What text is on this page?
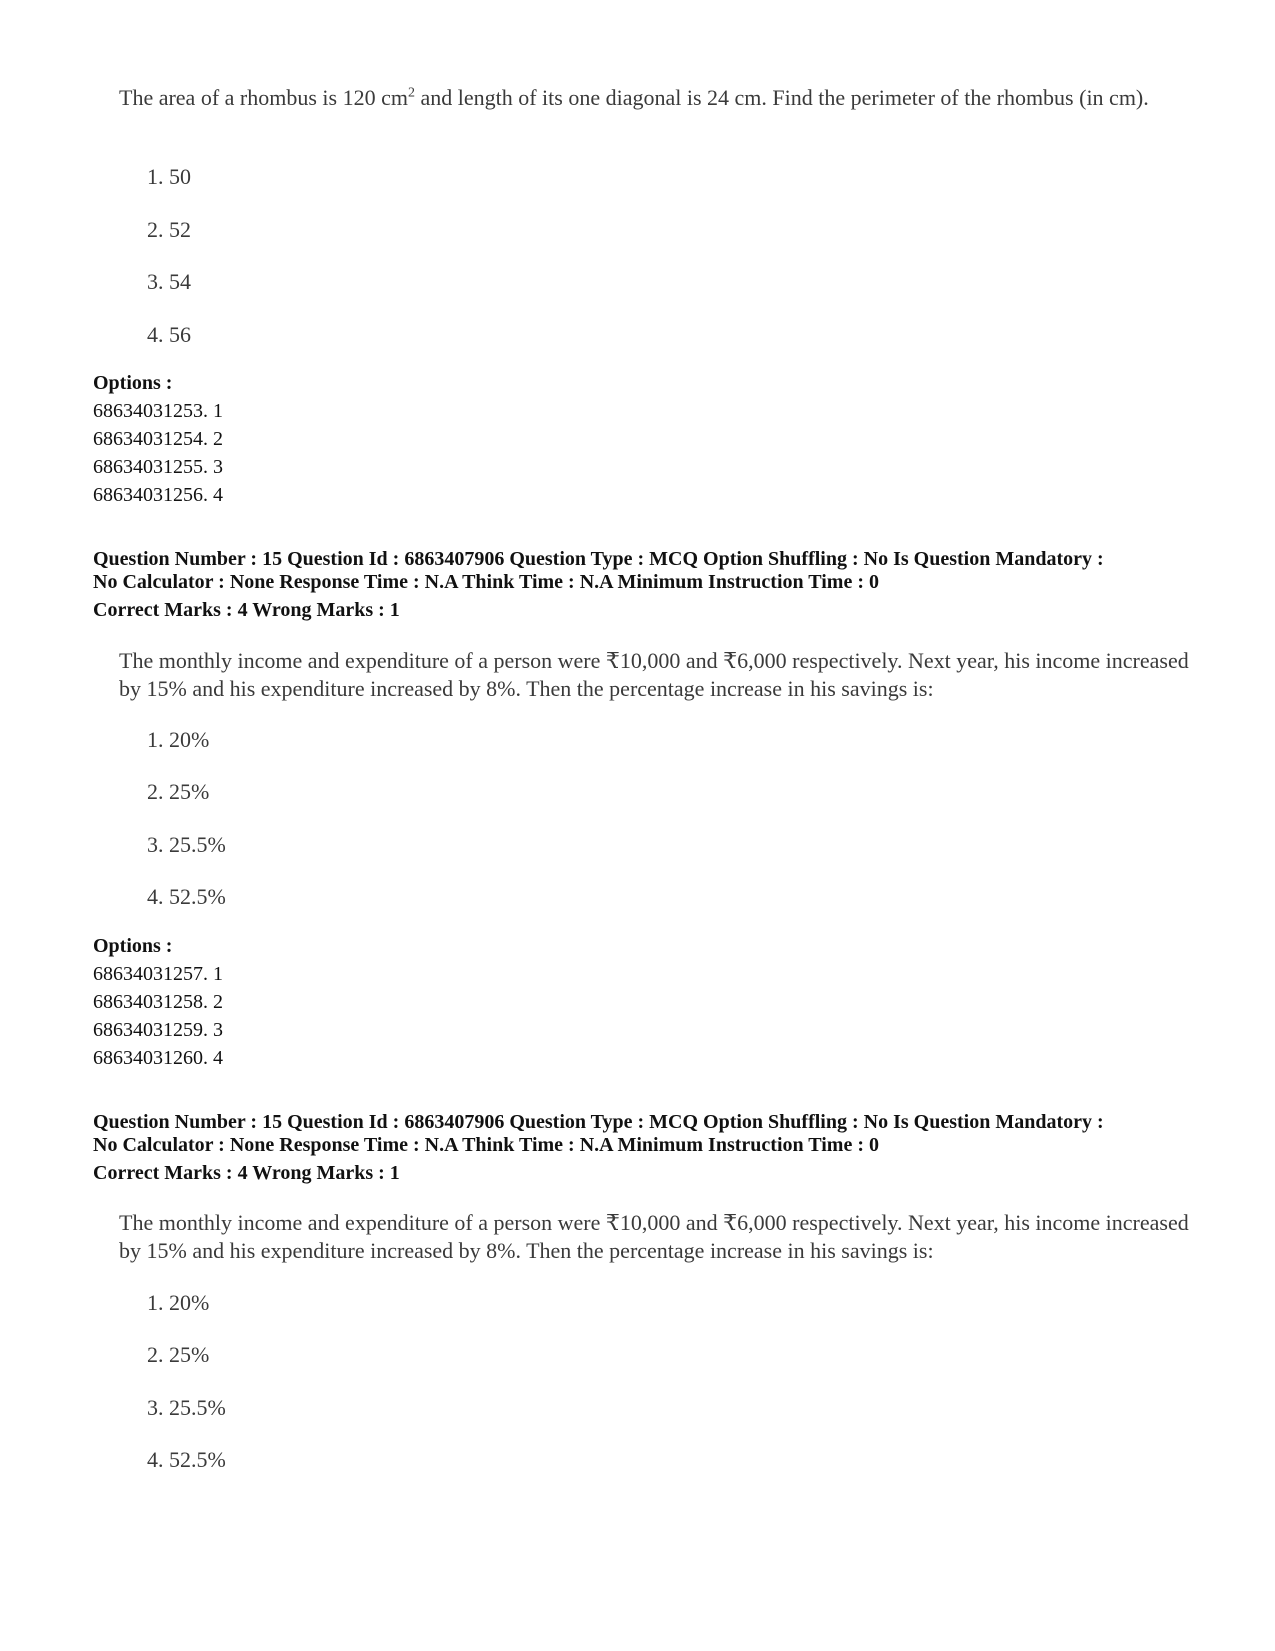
The area of a rhombus is 120 $cm^2$ and length of its one diagonal is 24 cm. Find the perimeter of the rhombus (in cm).
1. 50
2. 52
3. 54
4. 56
Options :
68634031253. 1
68634031254. 2
68634031255. 3
68634031256. 4
Question Number : 15 Question Id : 6863407906 Question Type : MCQ Option Shuffling : No Is Question Mandatory :
No Calculator : None Response Time : N.A Think Time : N.A Minimum Instruction Time : 0
Correct Marks : 4 Wrong Marks : 1
The monthly income and expenditure of a person were ₹10,000 and ₹6,000 respectively. Next year, his income increased by 15% and his expenditure increased by 8%. Then the percentage increase in his savings is:
1. 20%
2. 25%
3. 25.5%
4. 52.5%
Options :
68634031257. 1
68634031258. 2
68634031259. 3
68634031260. 4
Question Number : 15 Question Id : 6863407906 Question Type : MCQ Option Shuffling : No Is Question Mandatory :
No Calculator : None Response Time : N.A Think Time : N.A Minimum Instruction Time : 0
Correct Marks : 4 Wrong Marks : 1
The monthly income and expenditure of a person were ₹10,000 and ₹6,000 respectively. Next year, his income increased by 15% and his expenditure increased by 8%. Then the percentage increase in his savings is:
1. 20%
2. 25%
3. 25.5%
4. 52.5%
